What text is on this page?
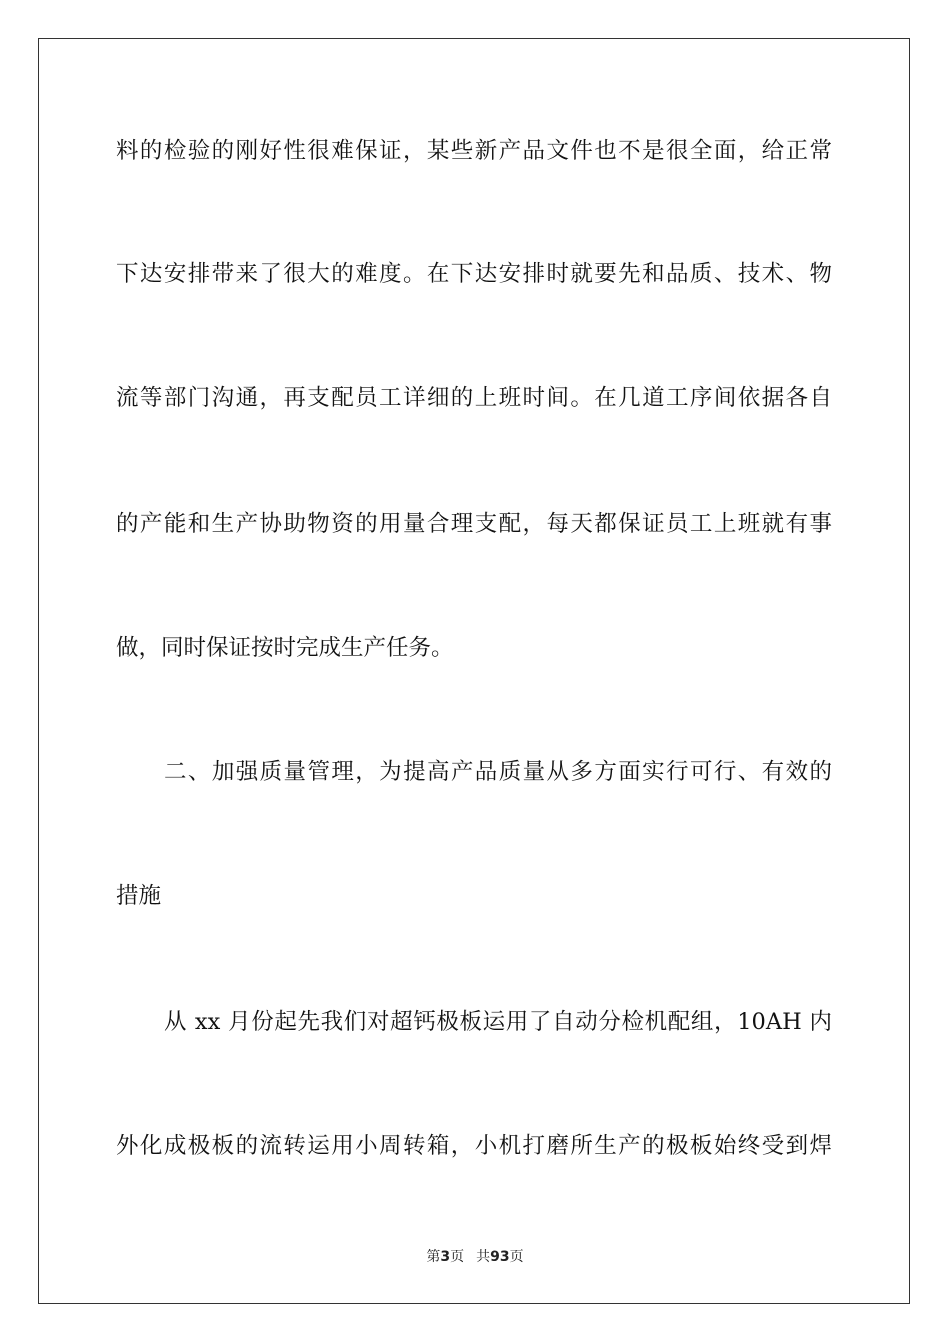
料的检验的刚好性很难保证，某些新产品文件也不是很全面，给正常
下达安排带来了很大的难度。在下达安排时就要先和品质、技术、物
流等部门沟通，再支配员工详细的上班时间。在几道工序间依据各自
的产能和生产协助物资的用量合理支配，每天都保证员工上班就有事
做，同时保证按时完成生产任务。
二、加强质量管理，为提高产品质量从多方面实行可行、有效的
措施
从 xx 月份起先我们对超钙极板运用了自动分检机配组，10AH 内
外化成极板的流转运用小周转箱，小机打磨所生产的极板始终受到焊
第3页 共93页
